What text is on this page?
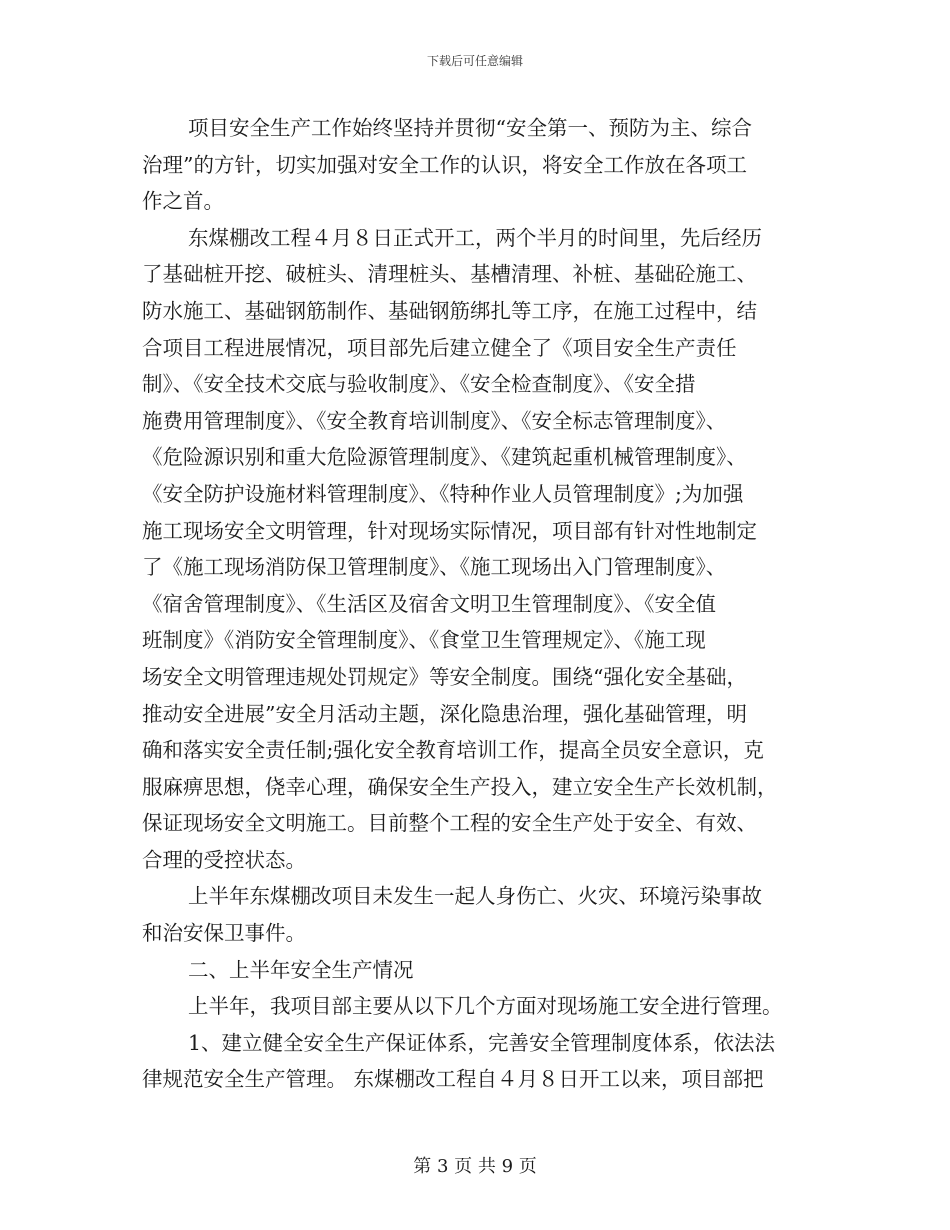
下载后可任意编辑
项目安全生产工作始终坚持并贯彻“安全第一、预防为主、综合
治理”的方针，切实加强对安全工作的认识，将安全工作放在各项工
作之首。
东煤棚改工程４月８日正式开工，两个半月的时间里，先后经历
了基础桩开挖、破桩头、清理桩头、基槽清理、补桩、基础砼施工、
防水施工、基础钢筋制作、基础钢筋绑扎等工序，在施工过程中，结
合项目工程进展情况，项目部先后建立健全了《项目安全生产责任
制》、《安全技术交底与验收制度》、《安全检查制度》、《安全措
施费用管理制度》、《安全教育培训制度》、《安全标志管理制度》、
《危险源识别和重大危险源管理制度》、《建筑起重机械管理制度》、
《安全防护设施材料管理制度》、《特种作业人员管理制度》;为加强
施工现场安全文明管理，针对现场实际情况，项目部有针对性地制定
了《施工现场消防保卫管理制度》、《施工现场出入门管理制度》、
《宿舍管理制度》、《生活区及宿舍文明卫生管理制度》、《安全值
班制度》《消防安全管理制度》、《食堂卫生管理规定》、《施工现
场安全文明管理违规处罚规定》等安全制度。围绕“强化安全基础，
推动安全进展”安全月活动主题，深化隐患治理，强化基础管理，明
确和落实安全责任制;强化安全教育培训工作，提高全员安全意识，克
服麻痹思想，侥幸心理，确保安全生产投入，建立安全生产长效机制，
保证现场安全文明施工。目前整个工程的安全生产处于安全、有效、
合理的受控状态。
上半年东煤棚改项目未发生一起人身伤亡、火灾、环境污染事故
和治安保卫事件。
二、上半年安全生产情况
上半年，我项目部主要从以下几个方面对现场施工安全进行管理。
1、建立健全安全生产保证体系，完善安全管理制度体系，依法法
律规范安全生产管理。 东煤棚改工程自４月８日开工以来，项目部把
第 3 页 共 9 页
